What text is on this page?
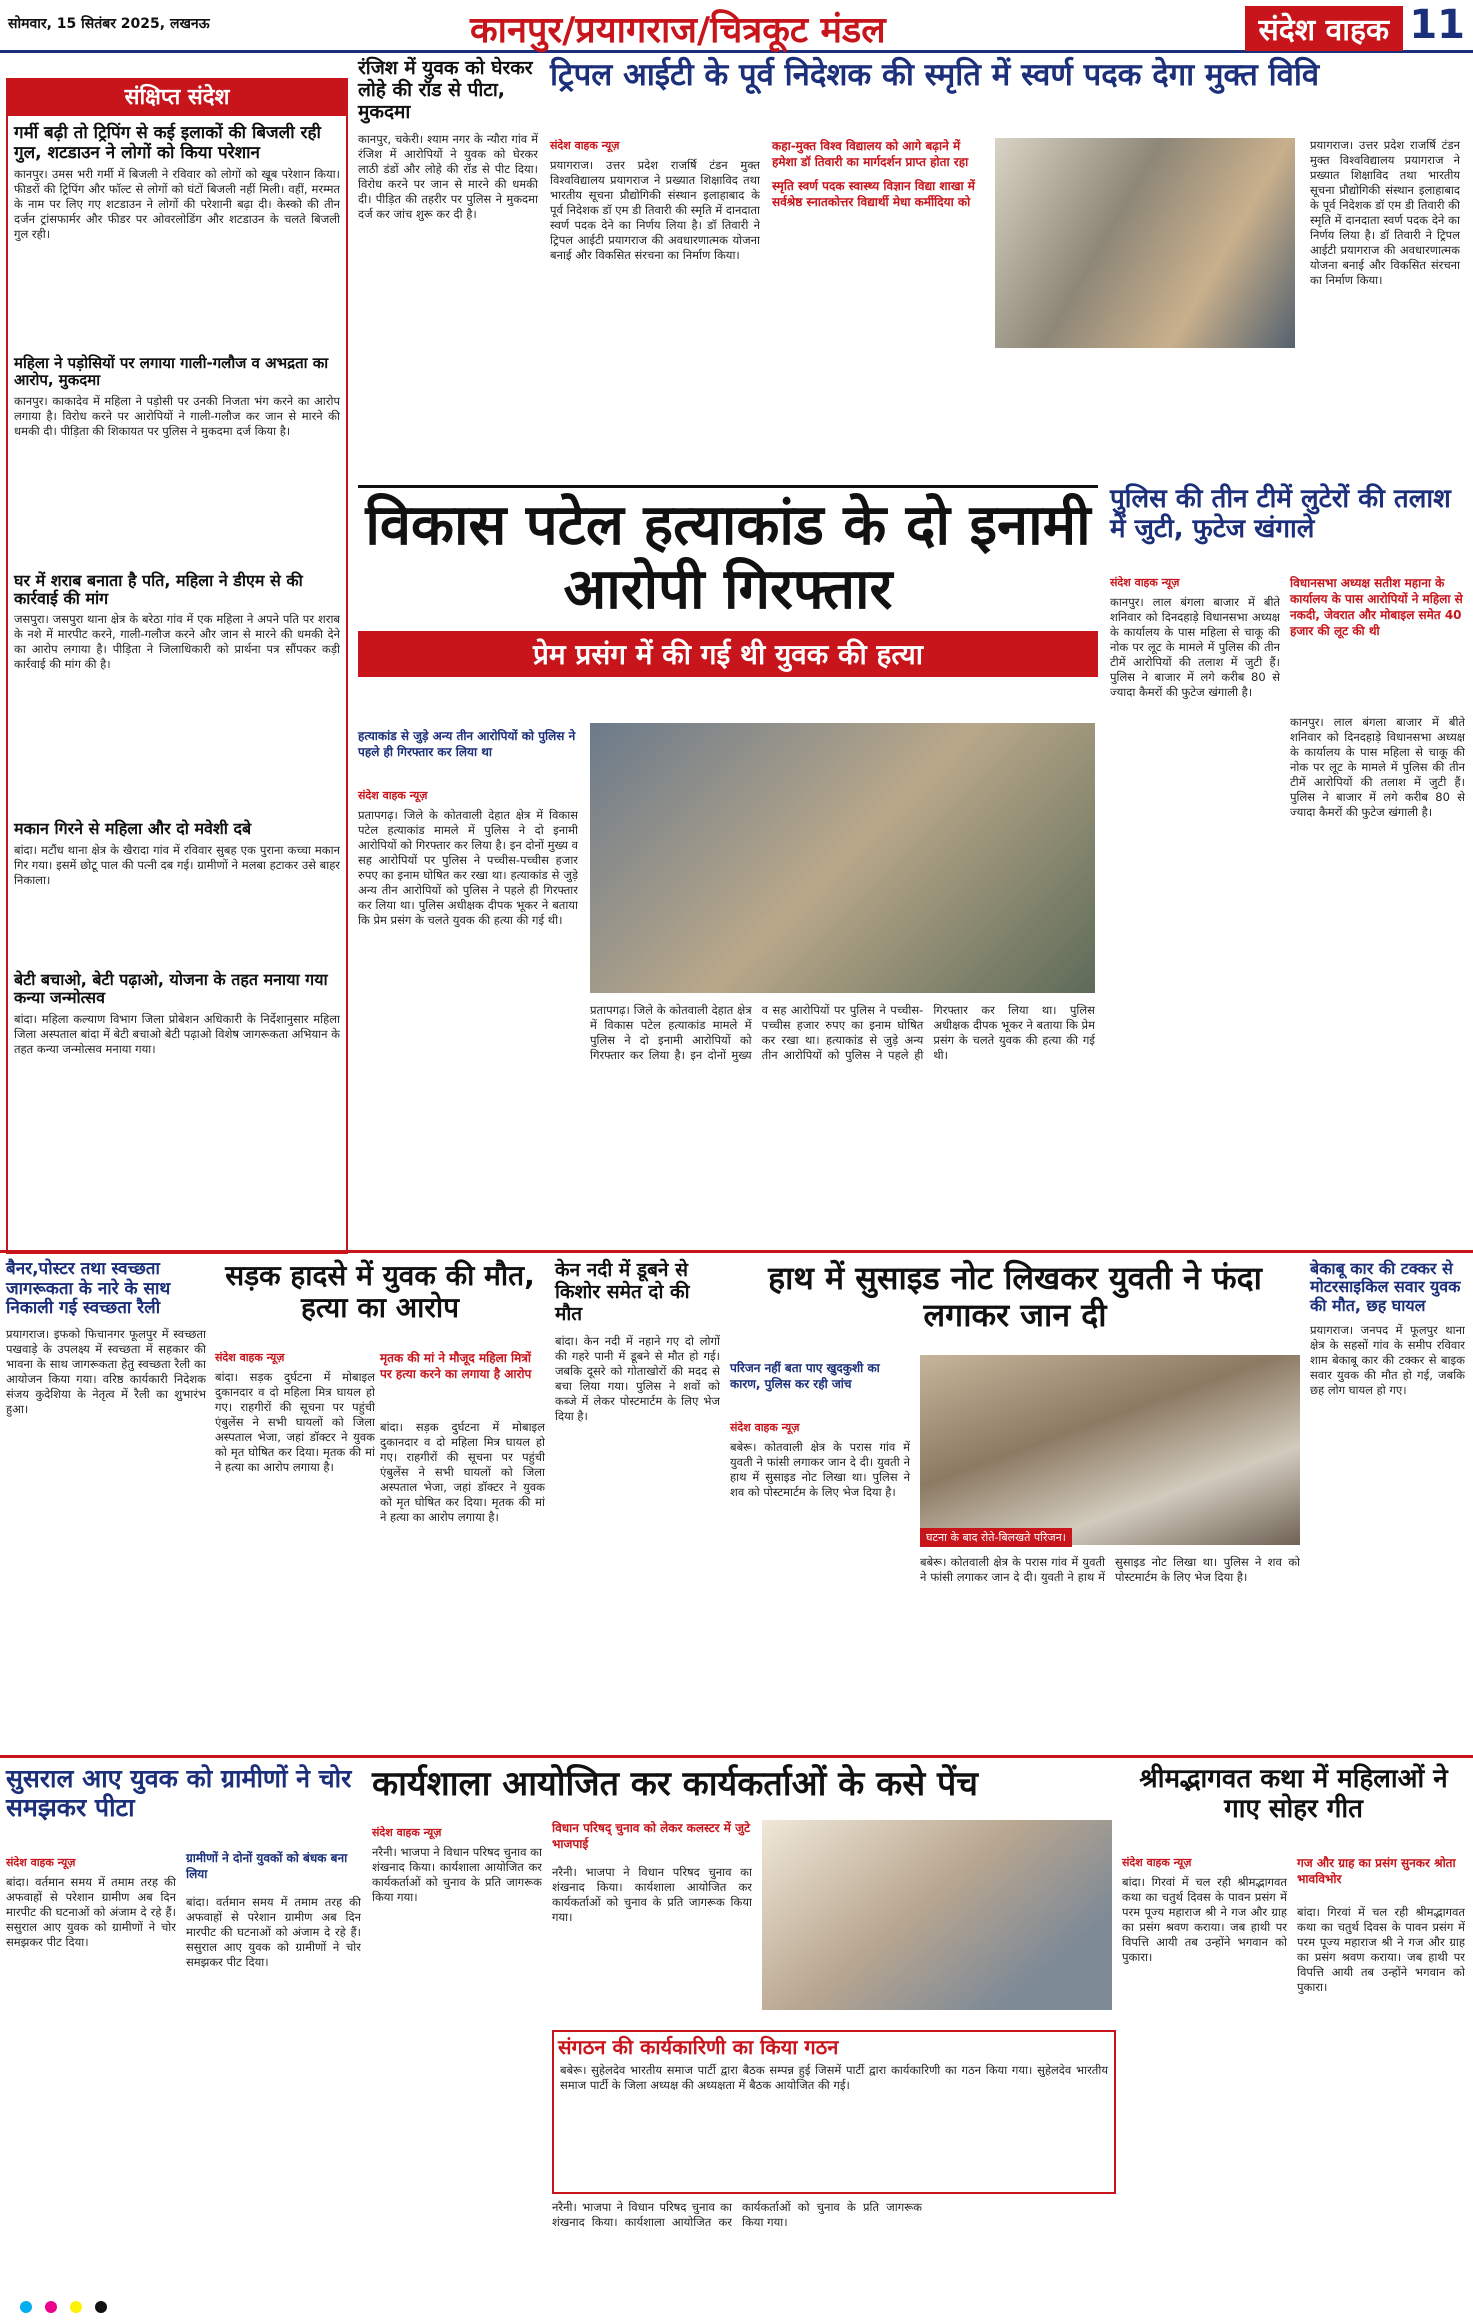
सोमवार, 15 सितंबर 2025, लखनऊ	कानपुर/प्रयागराज/चित्रकूट मंडल	संदेश वाहक 11
संक्षिप्त संदेश
गर्मी बढ़ी तो ट्रिपिंग से कई इलाकों की बिजली रही गुल, शटडाउन ने लोगों को किया परेशान
कानपुर। उमस भरी गर्मी में बिजली ने रविवार को लोगों को खूब परेशान किया। फीडरों की ट्रिपिंग और फॉल्ट से लोगों को घंटों बिजली नहीं मिली। वहीं, मरम्मत के नाम पर लिए गए शटडाउन ने लोगों की परेशानी बढ़ा दी। केस्को की तीन दर्जन ट्रांसफार्मर और फीडर पर ओवरलोडिंग और शटडाउन के चलते बिजली गुल रही।
महिला ने पड़ोसियों पर लगाया गाली-गलौज व अभद्रता का आरोप, मुकदमा
कानपुर। काकादेव में महिला ने पड़ोसी पर उनकी निजता भंग करने का आरोप लगाया है। विरोध करने पर आरोपियों ने गाली-गलौज कर जान से मारने की धमकी दी। पीड़िता की शिकायत पर पुलिस ने मुकदमा दर्ज किया है।
घर में शराब बनाता है पति, महिला ने डीएम से की कार्रवाई की मांग
जसपुरा। जसपुरा थाना क्षेत्र के बरेठा गांव में एक महिला ने अपने पति पर शराब के नशे में मारपीट करने, गाली-गलौज करने और जान से मारने की धमकी देने का आरोप लगाया है। पीड़िता ने जिलाधिकारी को प्रार्थना पत्र सौंपकर कड़ी कार्रवाई की मांग की है।
मकान गिरने से महिला और दो मवेशी दबे
बांदा। मटौंध थाना क्षेत्र के खैरादा गांव में रविवार सुबह एक पुराना कच्चा मकान गिर गया। इसमें छोटू पाल की पत्नी दब गई। ग्रामीणों ने मलबा हटाकर उसे बाहर निकाला।
बेटी बचाओ, बेटी पढ़ाओ, योजना के तहत मनाया गया कन्या जन्मोत्सव
बांदा। महिला कल्याण विभाग जिला प्रोबेशन अधिकारी के निर्देशानुसार महिला जिला अस्पताल बांदा में बेटी बचाओ बेटी पढ़ाओ विशेष जागरूकता अभियान के तहत कन्या जन्मोत्सव मनाया गया।
रंजिश में युवक को घेरकर लोहे की रॉड से पीटा, मुकदमा
कानपुर, चकेरी। श्याम नगर के न्यौरा गांव में रंजिश में आरोपियों ने युवक को घेरकर लाठी डंडों और लोहे की रॉड से पीट दिया। विरोध करने पर जान से मारने की धमकी दी। पीड़ित की तहरीर पर पुलिस ने मुकदमा दर्ज कर जांच शुरू कर दी है।
ट्रिपल आईटी के पूर्व निदेशक की स्मृति में स्वर्ण पदक देगा मुक्त विवि
संदेश वाहक न्यूज़
प्रयागराज। उत्तर प्रदेश राजर्षि टंडन मुक्त विश्वविद्यालय प्रयागराज ने प्रख्यात शिक्षाविद तथा भारतीय सूचना प्रौद्योगिकी संस्थान इलाहाबाद के पूर्व निदेशक डॉ एम डी तिवारी की स्मृति में दानदाता स्वर्ण पदक देने का निर्णय लिया है। डॉ तिवारी ने ट्रिपल आईटी प्रयागराज की अवधारणात्मक योजना बनाई और विकसित संरचना का निर्माण किया।
कहा-मुक्त विश्व विद्यालय को आगे बढ़ाने में हमेशा डॉ तिवारी का मार्गदर्शन प्राप्त होता रहा
स्मृति स्वर्ण पदक स्वास्थ्य विज्ञान विद्या शाखा में सर्वश्रेष्ठ स्नातकोत्तर विद्यार्थी मेधा कर्मीदिया को
प्रयागराज। उत्तर प्रदेश राजर्षि टंडन मुक्त विश्वविद्यालय प्रयागराज ने प्रख्यात शिक्षाविद तथा भारतीय सूचना प्रौद्योगिकी संस्थान इलाहाबाद के पूर्व निदेशक डॉ एम डी तिवारी की स्मृति में दानदाता स्वर्ण पदक देने का निर्णय लिया है। डॉ तिवारी ने ट्रिपल आईटी प्रयागराज की अवधारणात्मक योजना बनाई और विकसित संरचना का निर्माण किया।
विकास पटेल हत्याकांड के दो इनामी आरोपी गिरफ्तार
प्रेम प्रसंग में की गई थी युवक की हत्या
हत्याकांड से जुड़े अन्य तीन आरोपियों को पुलिस ने पहले ही गिरफ्तार कर लिया था
संदेश वाहक न्यूज़
प्रतापगढ़। जिले के कोतवाली देहात क्षेत्र में विकास पटेल हत्याकांड मामले में पुलिस ने दो इनामी आरोपियों को गिरफ्तार कर लिया है। इन दोनों मुख्य व सह आरोपियों पर पुलिस ने पच्चीस-पच्चीस हजार रुपए का इनाम घोषित कर रखा था। हत्याकांड से जुड़े अन्य तीन आरोपियों को पुलिस ने पहले ही गिरफ्तार कर लिया था। पुलिस अधीक्षक दीपक भूकर ने बताया कि प्रेम प्रसंग के चलते युवक की हत्या की गई थी।
प्रतापगढ़। जिले के कोतवाली देहात क्षेत्र में विकास पटेल हत्याकांड मामले में पुलिस ने दो इनामी आरोपियों को गिरफ्तार कर लिया है। इन दोनों मुख्य व सह आरोपियों पर पुलिस ने पच्चीस-पच्चीस हजार रुपए का इनाम घोषित कर रखा था। हत्याकांड से जुड़े अन्य तीन आरोपियों को पुलिस ने पहले ही गिरफ्तार कर लिया था। पुलिस अधीक्षक दीपक भूकर ने बताया कि प्रेम प्रसंग के चलते युवक की हत्या की गई थी।
पुलिस की तीन टीमें लुटेरों की तलाश में जुटी, फुटेज खंगाले
संदेश वाहक न्यूज़	विधानसभा अध्यक्ष सतीश महाना के कार्यालय के पास आरोपियों ने महिला से नकदी, जेवरात और मोबाइल समेत 40 हजार की लूट की थी
कानपुर। लाल बंगला बाजार में बीते शनिवार को दिनदहाड़े विधानसभा अध्यक्ष के कार्यालय के पास महिला से चाकू की नोक पर लूट के मामले में पुलिस की तीन टीमें आरोपियों की तलाश में जुटी हैं। पुलिस ने बाजार में लगे करीब 80 से ज्यादा कैमरों की फुटेज खंगाली है।
कानपुर। लाल बंगला बाजार में बीते शनिवार को दिनदहाड़े विधानसभा अध्यक्ष के कार्यालय के पास महिला से चाकू की नोक पर लूट के मामले में पुलिस की तीन टीमें आरोपियों की तलाश में जुटी हैं। पुलिस ने बाजार में लगे करीब 80 से ज्यादा कैमरों की फुटेज खंगाली है।
बैनर,पोस्टर तथा स्वच्छता जागरूकता के नारे के साथ निकाली गई स्वच्छता रैली
प्रयागराज। इफको फिचानगर फूलपुर में स्वच्छता पखवाड़े के उपलक्ष्य में स्वच्छता में सहकार की भावना के साथ जागरूकता हेतु स्वच्छता रैली का आयोजन किया गया। वरिष्ठ कार्यकारी निदेशक संजय कुदेशिया के नेतृत्व में रैली का शुभारंभ हुआ।
सड़क हादसे में युवक की मौत, हत्या का आरोप
संदेश वाहक न्यूज़	मृतक की मां ने मौजूद महिला मित्रों पर हत्या करने का लगाया है आरोप
बांदा। सड़क दुर्घटना में मोबाइल दुकानदार व दो महिला मित्र घायल हो गए। राहगीरों की सूचना पर पहुंची एंबुलेंस ने सभी घायलों को जिला अस्पताल भेजा, जहां डॉक्टर ने युवक को मृत घोषित कर दिया। मृतक की मां ने हत्या का आरोप लगाया है।
बांदा। सड़क दुर्घटना में मोबाइल दुकानदार व दो महिला मित्र घायल हो गए। राहगीरों की सूचना पर पहुंची एंबुलेंस ने सभी घायलों को जिला अस्पताल भेजा, जहां डॉक्टर ने युवक को मृत घोषित कर दिया। मृतक की मां ने हत्या का आरोप लगाया है।
केन नदी में डूबने से किशोर समेत दो की मौत
बांदा। केन नदी में नहाने गए दो लोगों की गहरे पानी में डूबने से मौत हो गई। जबकि दूसरे को गोताखोरों की मदद से बचा लिया गया। पुलिस ने शवों को कब्जे में लेकर पोस्टमार्टम के लिए भेज दिया है।
हाथ में सुसाइड नोट लिखकर युवती ने फंदा लगाकर जान दी
परिजन नहीं बता पाए खुदकुशी का कारण, पुलिस कर रही जांच
संदेश वाहक न्यूज़
बबेरू। कोतवाली क्षेत्र के परास गांव में युवती ने फांसी लगाकर जान दे दी। युवती ने हाथ में सुसाइड नोट लिखा था। पुलिस ने शव को पोस्टमार्टम के लिए भेज दिया है।
घटना के बाद रोते-बिलखते परिजन।
बबेरू। कोतवाली क्षेत्र के परास गांव में युवती ने फांसी लगाकर जान दे दी। युवती ने हाथ में सुसाइड नोट लिखा था। पुलिस ने शव को पोस्टमार्टम के लिए भेज दिया है।
बेकाबू कार की टक्कर से मोटरसाइकिल सवार युवक की मौत, छह घायल
प्रयागराज। जनपद में फूलपुर थाना क्षेत्र के सहसों गांव के समीप रविवार शाम बेकाबू कार की टक्कर से बाइक सवार युवक की मौत हो गई, जबकि छह लोग घायल हो गए।
सुसराल आए युवक को ग्रामीणों ने चोर समझकर पीटा
संदेश वाहक न्यूज़	ग्रामीणों ने दोनों युवकों को बंधक बना लिया
बांदा। वर्तमान समय में तमाम तरह की अफवाहों से परेशान ग्रामीण अब दिन मारपीट की घटनाओं को अंजाम दे रहे हैं। ससुराल आए युवक को ग्रामीणों ने चोर समझकर पीट दिया।
बांदा। वर्तमान समय में तमाम तरह की अफवाहों से परेशान ग्रामीण अब दिन मारपीट की घटनाओं को अंजाम दे रहे हैं। ससुराल आए युवक को ग्रामीणों ने चोर समझकर पीट दिया।
कार्यशाला आयोजित कर कार्यकर्ताओं के कसे पेंच
संदेश वाहक न्यूज़	विधान परिषद् चुनाव को लेकर कलस्टर में जुटे भाजपाई
नरैनी। भाजपा ने विधान परिषद चुनाव का शंखनाद किया। कार्यशाला आयोजित कर कार्यकर्ताओं को चुनाव के प्रति जागरूक किया गया।
नरैनी। भाजपा ने विधान परिषद चुनाव का शंखनाद किया। कार्यशाला आयोजित कर कार्यकर्ताओं को चुनाव के प्रति जागरूक किया गया।
संगठन की कार्यकारिणी का किया गठन
बबेरू। सुहेलदेव भारतीय समाज पार्टी द्वारा बैठक सम्पन्न हुई जिसमें पार्टी द्वारा कार्यकारिणी का गठन किया गया। सुहेलदेव भारतीय समाज पार्टी के जिला अध्यक्ष की अध्यक्षता में बैठक आयोजित की गई।
नरैनी। भाजपा ने विधान परिषद चुनाव का शंखनाद किया। कार्यशाला आयोजित कर कार्यकर्ताओं को चुनाव के प्रति जागरूक किया गया।
श्रीमद्भागवत कथा में महिलाओं ने गाए सोहर गीत
संदेश वाहक न्यूज़	गज और ग्राह का प्रसंग सुनकर श्रोता भावविभोर
बांदा। गिरवां में चल रही श्रीमद्भागवत कथा का चतुर्थ दिवस के पावन प्रसंग में परम पूज्य महाराज श्री ने गज और ग्राह का प्रसंग श्रवण कराया। जब हाथी पर विपत्ति आयी तब उन्होंने भगवान को पुकारा।
बांदा। गिरवां में चल रही श्रीमद्भागवत कथा का चतुर्थ दिवस के पावन प्रसंग में परम पूज्य महाराज श्री ने गज और ग्राह का प्रसंग श्रवण कराया। जब हाथी पर विपत्ति आयी तब उन्होंने भगवान को पुकारा।
